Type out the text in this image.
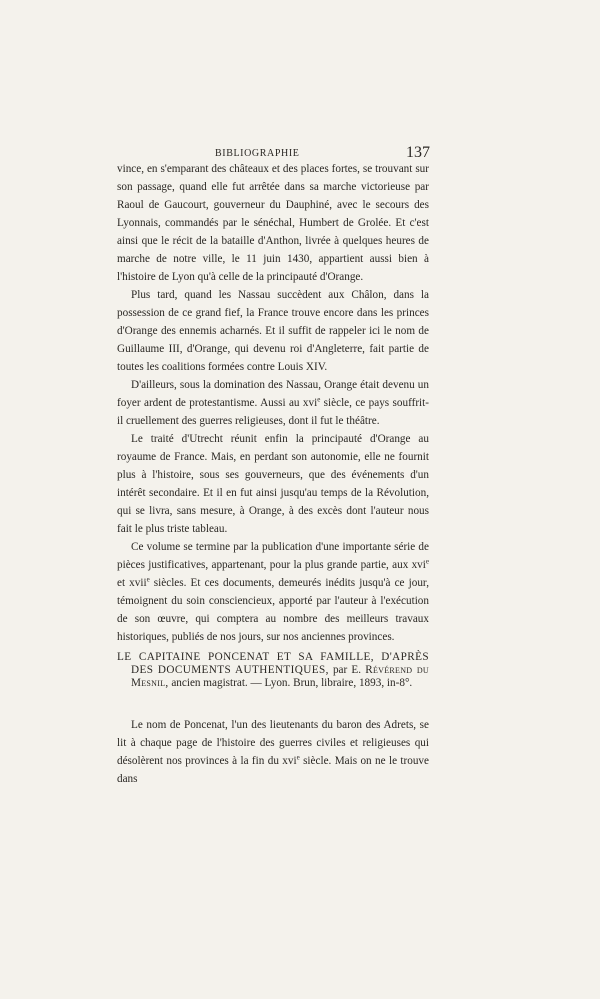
BIBLIOGRAPHIE	137

vince, en s'emparant des châteaux et des places fortes, se trouvant sur son passage, quand elle fut arrêtée dans sa marche victorieuse par Raoul de Gaucourt, gouverneur du Dauphiné, avec le secours des Lyonnais, commandés par le sénéchal, Humbert de Grolée. Et c'est ainsi que le récit de la bataille d'Anthon, livrée à quelques heures de marche de notre ville, le 11 juin 1430, appartient aussi bien à l'histoire de Lyon qu'à celle de la principauté d'Orange.

Plus tard, quand les Nassau succèdent aux Châlon, dans la possession de ce grand fief, la France trouve encore dans les princes d'Orange des ennemis acharnés. Et il suffit de rappeler ici le nom de Guillaume III, d'Orange, qui devenu roi d'Angleterre, fait partie de toutes les coalitions formées contre Louis XIV.

D'ailleurs, sous la domination des Nassau, Orange était devenu un foyer ardent de protestantisme. Aussi au xvi$^e$ siècle, ce pays souffrit-il cruellement des guerres religieuses, dont il fut le théâtre.

Le traité d'Utrecht réunit enfin la principauté d'Orange au royaume de France. Mais, en perdant son autonomie, elle ne fournit plus à l'histoire, sous ses gouverneurs, que des événements d'un intérêt secondaire. Et il en fut ainsi jusqu'au temps de la Révolution, qui se livra, sans mesure, à Orange, à des excès dont l'auteur nous fait le plus triste tableau.

Ce volume se termine par la publication d'une importante série de pièces justificatives, appartenant, pour la plus grande partie, aux xvi$^e$ et xvii$^e$ siècles. Et ces documents, demeurés inédits jusqu'à ce jour, témoignent du soin consciencieux, apporté par l'auteur à l'exécution de son œuvre, qui comptera au nombre des meilleurs travaux historiques, publiés de nos jours, sur nos anciennes provinces.

LE CAPITAINE PONCENAT ET SA FAMILLE, D'APRÈS DES DOCUMENTS AUTHENTIQUES, par E. Révérend du Mesnil, ancien magistrat. — Lyon. Brun, libraire, 1893, in-8°.

Le nom de Poncenat, l'un des lieutenants du baron des Adrets, se lit à chaque page de l'histoire des guerres civiles et religieuses qui désolèrent nos provinces à la fin du xvi$^e$ siècle. Mais on ne le trouve dans
